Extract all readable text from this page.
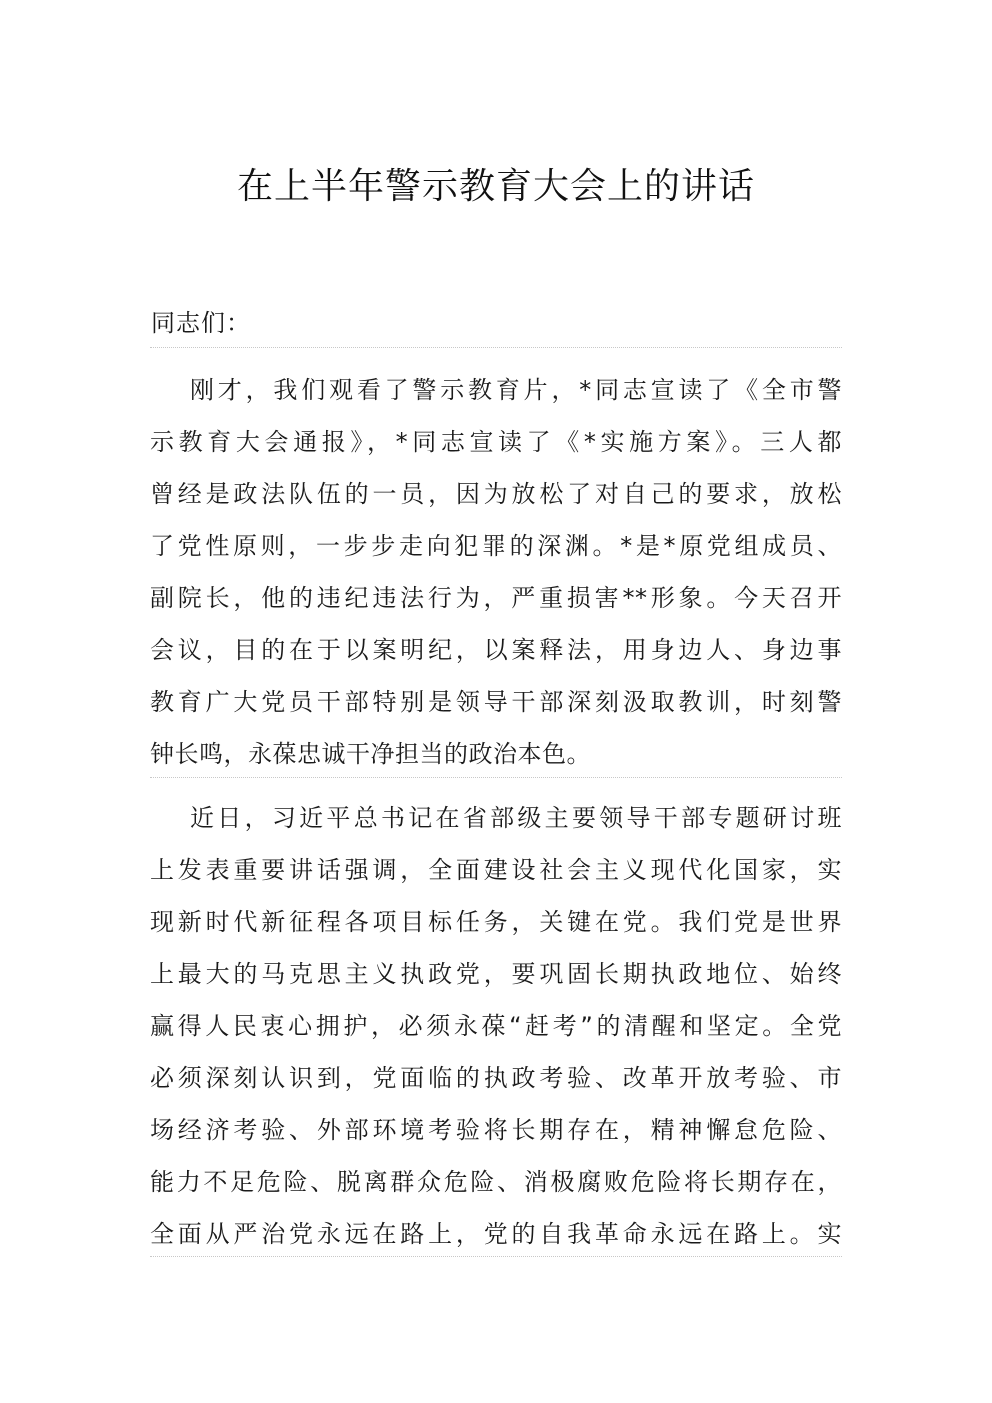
在上半年警示教育大会上的讲话
同志们：
刚才，我们观看了警示教育片，*同志宣读了《全市警
示教育大会通报》，*同志宣读了《*实施方案》。三人都
曾经是政法队伍的一员，因为放松了对自己的要求，放松
了党性原则，一步步走向犯罪的深渊。*是*原党组成员、
副院长，他的违纪违法行为，严重损害**形象。今天召开
会议，目的在于以案明纪，以案释法，用身边人、身边事
教育广大党员干部特别是领导干部深刻汲取教训，时刻警
钟长鸣，永葆忠诚干净担当的政治本色。
近日，习近平总书记在省部级主要领导干部专题研讨班
上发表重要讲话强调，全面建设社会主义现代化国家，实
现新时代新征程各项目标任务，关键在党。我们党是世界
上最大的马克思主义执政党，要巩固长期执政地位、始终
赢得人民衷心拥护，必须永葆“赶考”的清醒和坚定。全党
必须深刻认识到，党面临的执政考验、改革开放考验、市
场经济考验、外部环境考验将长期存在，精神懈怠危险、
能力不足危险、脱离群众危险、消极腐败危险将长期存在，
全面从严治党永远在路上，党的自我革命永远在路上。实
